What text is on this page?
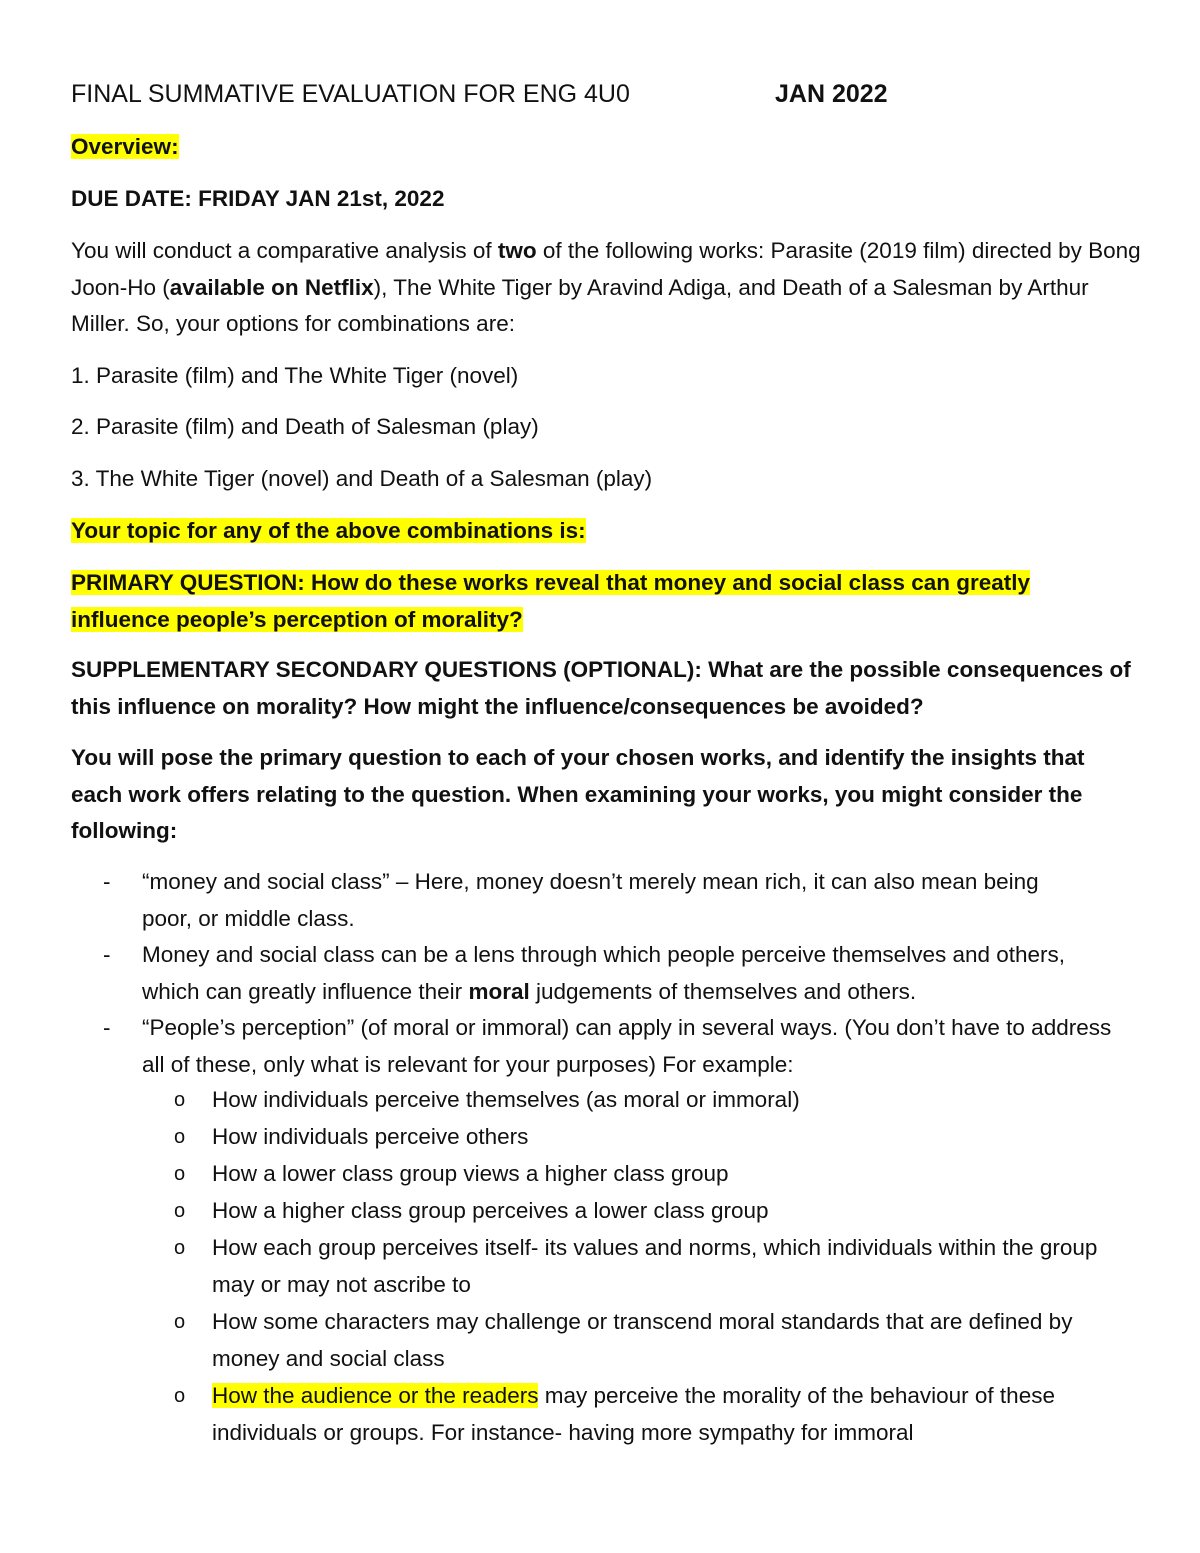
FINAL SUMMATIVE EVALUATION FOR ENG 4U0	JAN 2022

Overview:

DUE DATE: FRIDAY JAN 21st, 2022

You will conduct a comparative analysis of two of the following works: Parasite (2019 film) directed by Bong Joon-Ho (available on Netflix), The White Tiger by Aravind Adiga, and Death of a Salesman by Arthur Miller. So, your options for combinations are:

1. Parasite (film) and The White Tiger (novel)

2. Parasite (film) and Death of Salesman (play)

3. The White Tiger (novel) and Death of a Salesman (play)

Your topic for any of the above combinations is:

PRIMARY QUESTION: How do these works reveal that money and social class can greatly influence people’s perception of morality?

SUPPLEMENTARY SECONDARY QUESTIONS (OPTIONAL): What are the possible consequences of this influence on morality? How might the influence/consequences be avoided?

You will pose the primary question to each of your chosen works, and identify the insights that each work offers relating to the question. When examining your works, you might consider the following:

- “money and social class” – Here, money doesn’t merely mean rich, it can also mean being poor, or middle class.

- Money and social class can be a lens through which people perceive themselves and others, which can greatly influence their moral judgements of themselves and others.

- “People’s perception” (of moral or immoral) can apply in several ways. (You don’t have to address all of these, only what is relevant for your purposes) For example:

o How individuals perceive themselves (as moral or immoral)

o How individuals perceive others

o How a lower class group views a higher class group

o How a higher class group perceives a lower class group

o How each group perceives itself- its values and norms, which individuals within the group may or may not ascribe to

o How some characters may challenge or transcend moral standards that are defined by money and social class

o How the audience or the readers may perceive the morality of the behaviour of these individuals or groups. For instance- having more sympathy for immoral
